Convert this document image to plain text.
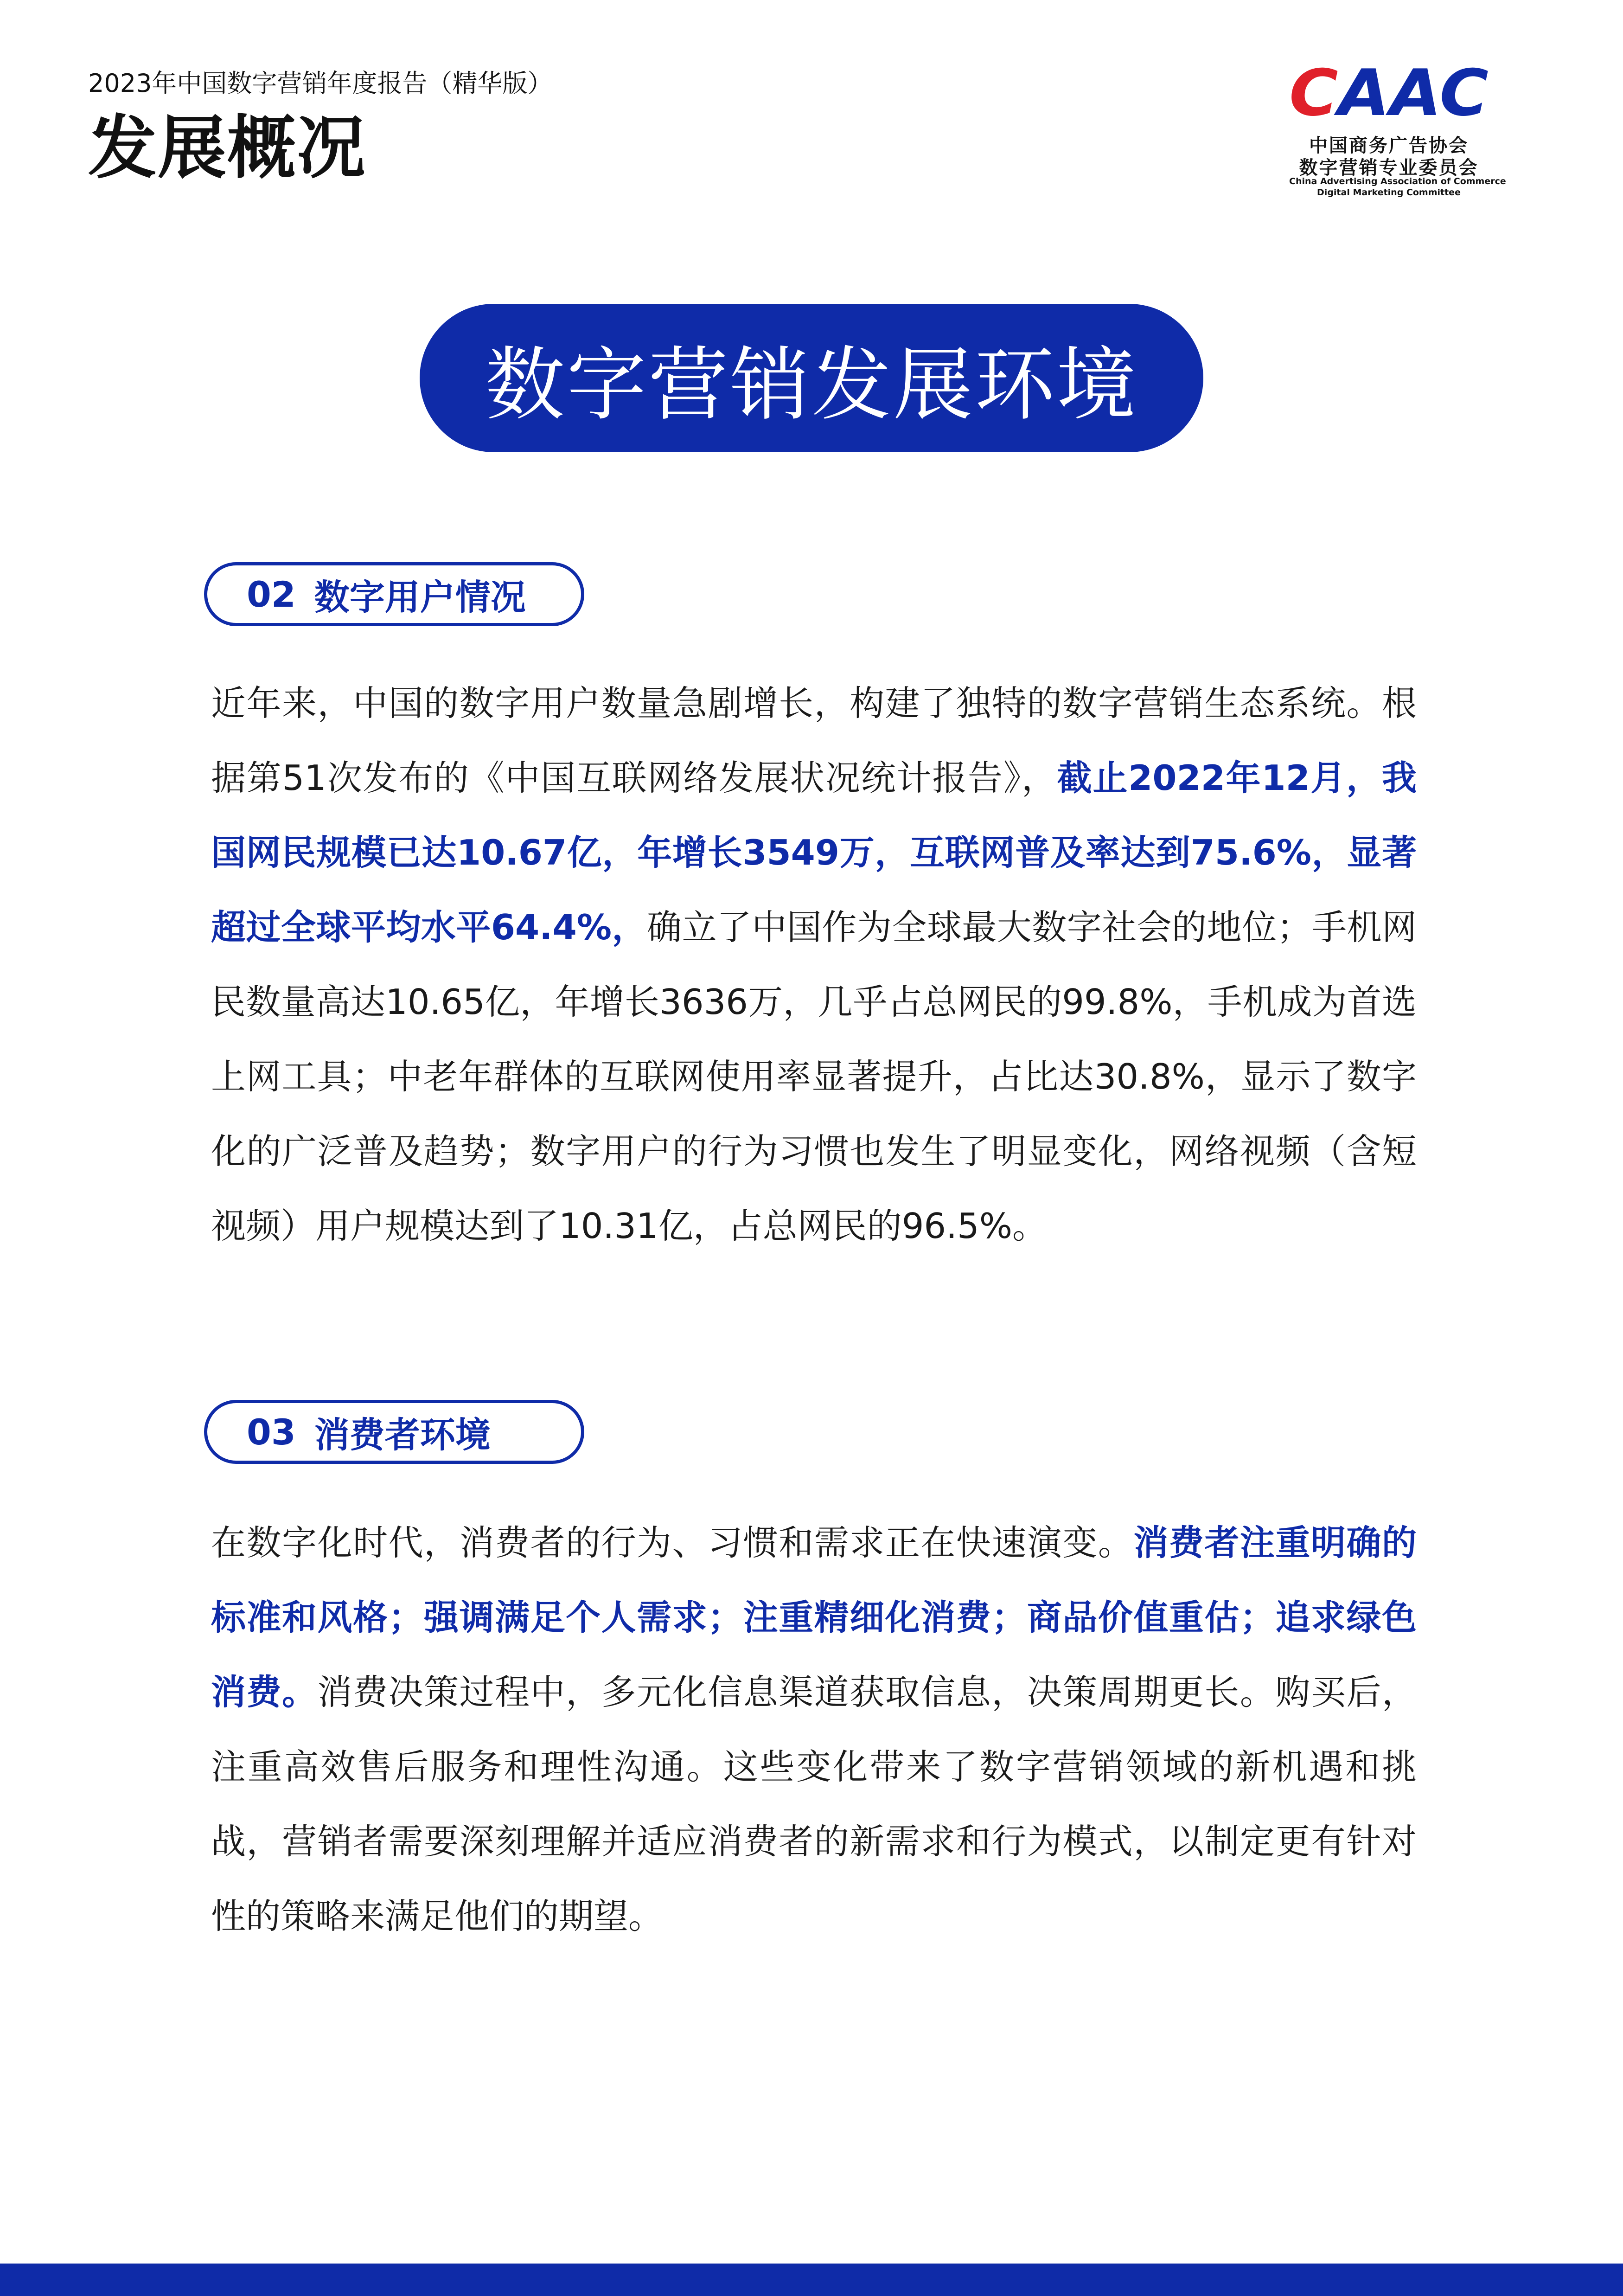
2023年中国数字营销年度报告（精华版）
发展概况
CAAC
中国商务广告协会
数字营销专业委员会
China Advertising Association of Commerce
Digital Marketing Committee
数字营销发展环境
02 数字用户情况
近年来，中国的数字用户数量急剧增长，构建了独特的数字营销生态系统。根据第51次发布的《中国互联网络发展状况统计报告》，截止2022年12月，我国网民规模已达10.67亿，年增长3549万，互联网普及率达到75.6%，显著超过全球平均水平64.4%，确立了中国作为全球最大数字社会的地位；手机网民数量高达10.65亿，年增长3636万，几乎占总网民的99.8%，手机成为首选上网工具；中老年群体的互联网使用率显著提升，占比达30.8%，显示了数字化的广泛普及趋势；数字用户的行为习惯也发生了明显变化，网络视频（含短视频）用户规模达到了10.31亿，占总网民的96.5%。
03 消费者环境
在数字化时代，消费者的行为、习惯和需求正在快速演变。消费者注重明确的标准和风格；强调满足个人需求；注重精细化消费；商品价值重估；追求绿色消费。消费决策过程中，多元化信息渠道获取信息，决策周期更长。购买后，注重高效售后服务和理性沟通。这些变化带来了数字营销领域的新机遇和挑战，营销者需要深刻理解并适应消费者的新需求和行为模式，以制定更有针对性的策略来满足他们的期望。
